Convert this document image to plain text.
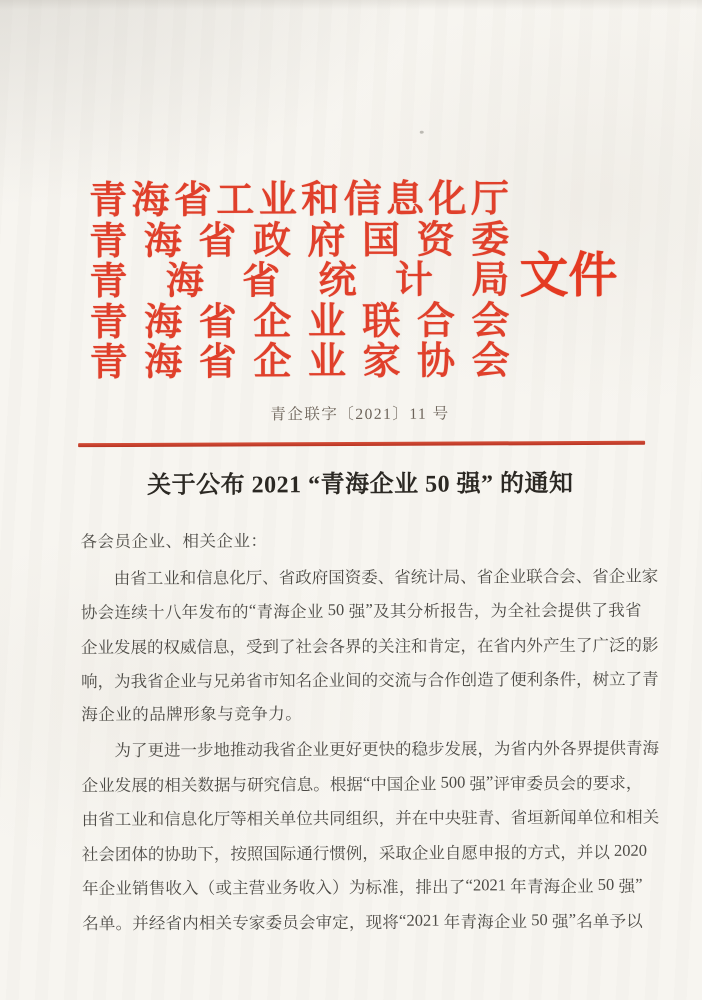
青 海 省 工 业 和 信 息 化 厅
青 海 省 政 府 国 资 委
青 海 省 统 计 局
青 海 省 企 业 联 合 会
青 海 省 企 业 家 协 会
文件
青企联字〔2021〕11 号
关于公布 2021 “青海企业 50 强” 的通知
各会员企业、相关企业：
由 省 工 业 和 信 息 化 厅 、 省 政 府 国 资 委 、 省 统 计 局 、 省 企 业 联 合 会 、 省 企 业 家
协 会 连 续 十 八 年 发 布 的 “ 青 海 企 业 50 强 ” 及 其 分 析 报 告 ， 为 全 社 会 提 供 了 我 省
企 业 发 展 的 权 威 信 息 ， 受 到 了 社 会 各 界 的 关 注 和 肯 定 ， 在 省 内 外 产 生 了 广 泛 的 影
响 ， 为 我 省 企 业 与 兄 弟 省 市 知 名 企 业 间 的 交 流 与 合 作 创 造 了 便 利 条 件 ， 树 立 了 青
海企业的品牌形象与竞争力。
为 了 更 进 一 步 地 推 动 我 省 企 业 更 好 更 快 的 稳 步 发 展 ， 为 省 内 外 各 界 提 供 青 海
企 业 发 展 的 相 关 数 据 与 研 究 信 息 。 根 据 “ 中 国 企 业 500 强 ” 评 审 委 员 会 的 要 求 ，
由 省 工 业 和 信 息 化 厅 等 相 关 单 位 共 同 组 织 ， 并 在 中 央 驻 青 、 省 垣 新 闻 单 位 和 相 关
社 会 团 体 的 协 助 下 ， 按 照 国 际 通 行 惯 例 ， 采 取 企 业 自 愿 申 报 的 方 式 ， 并 以 2020
年 企 业 销 售 收 入 （ 或 主 营 业 务 收 入 ） 为 标 准 ， 排 出 了 “ 2021 年 青 海 企 业 50 强 ”
名 单 。 并 经 省 内 相 关 专 家 委 员 会 审 定 ， 现 将 “ 2021 年 青 海 企 业 50 强 ” 名 单 予 以
